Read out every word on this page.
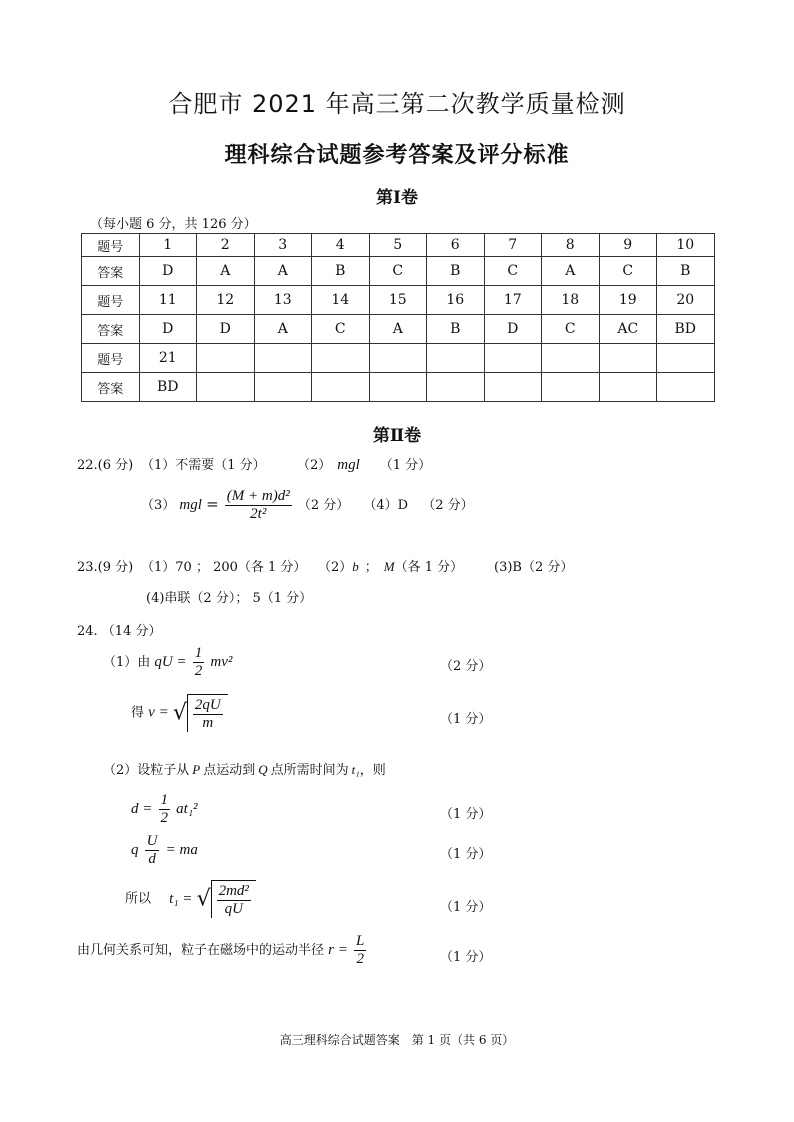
合肥市 2021 年高三第二次教学质量检测
理科综合试题参考答案及评分标准
第Ⅰ卷
（每小题 6 分，共 126 分）
题号	1	2	3	4	5	6	7	8	9	10
答案	D	A	A	B	C	B	C	A	C	B
题号	11	12	13	14	15	16	17	18	19	20
答案	D	D	A	C	A	B	D	C	AC	BD
题号	21									
答案	BD									
第Ⅱ卷
22.(6 分) （1）不需要（1 分） （2） mgl （1 分）
（3） mgl = $\frac{\text{(M + m)d²}}{\text{2t²}} (2$ 分） （4）D （2 分）
23.(9 分) （1）70 ； 200（各 1 分） （2）b ； M（各 1 分） (3)B（2 分）
(4)串联（2 分）； 5（1 分）
24. （14 分）
（1）由 qU = $\frac{1}{2} mv^2$	（2 分）
得 v = √ $\frac{2qU}{m}$	（1 分）
（2）设粒子从 P 点运动到 Q 点所需时间为 t₁，则
$d = \frac{1}{2} at_1^2$	（1 分）
q $\frac{U}{d}$ = ma	（1 分）
所以 t₁ = √ $\frac{\text{2md²}}{qU}$	（1 分）
由几何关系可知，粒子在磁场中的运动半径 $r = \frac{L}{2}$	（1 分）
高三理科综合试题答案　第 1 页（共 6 页）
